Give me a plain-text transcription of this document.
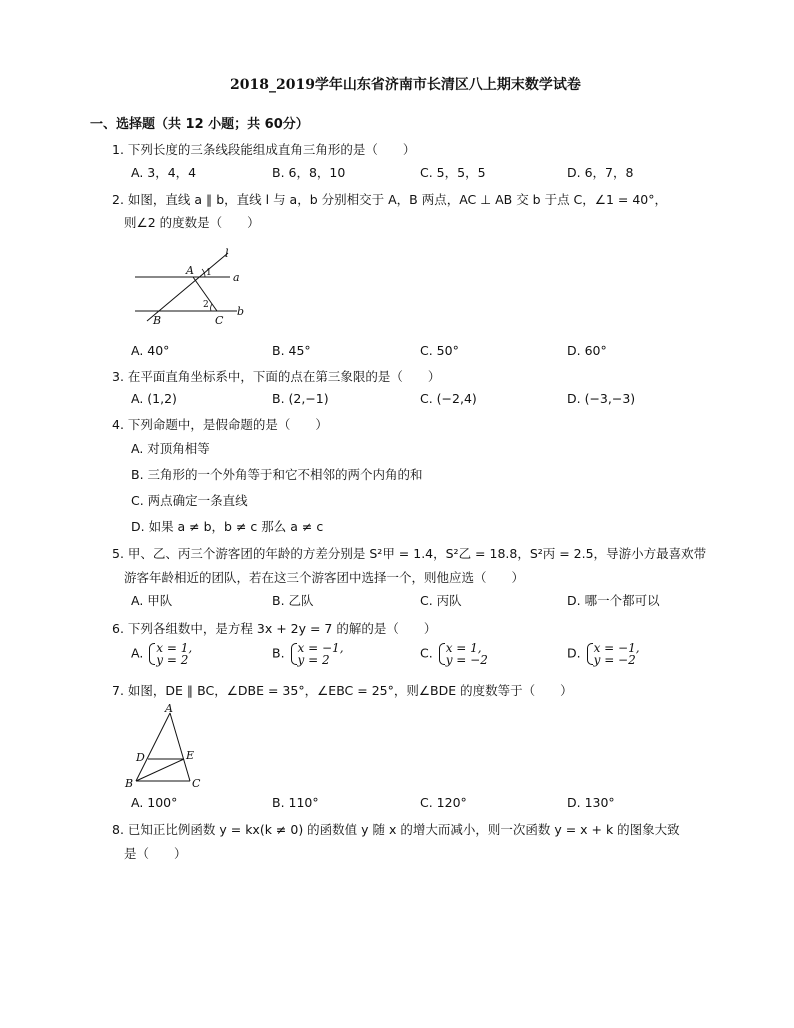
2018_2019学年山东省济南市长清区八上期末数学试卷
一、选择题（共 12 小题；共 60分）
1. 下列长度的三条线段能组成直角三角形的是（　　）
A. 3，4，4	B. 6，8，10	C. 5，5，5	D. 6，7，8
2. 如图，直线 a ∥ b，直线 l 与 a，b 分别相交于 A，B 两点，AC ⊥ AB 交 b 于点 C，∠1 = 40°，
则∠2 的度数是（　　）
l
a
b
A
B	C
1
2
A. 40°	B. 45°	C. 50°	D. 60°
3. 在平面直角坐标系中，下面的点在第三象限的是（　　）
A. (1,2)	B. (2,−1)	C. (−2,4)	D. (−3,−3)
4. 下列命题中，是假命题的是（　　）
A. 对顶角相等
B. 三角形的一个外角等于和它不相邻的两个内角的和
C. 两点确定一条直线
D. 如果 a ≠ b，b ≠ c 那么 a ≠ c
5. 甲、乙、丙三个游客团的年龄的方差分别是 S²甲 = 1.4，S²乙 = 18.8，S²丙 = 2.5，导游小方最喜欢带
游客年龄相近的团队，若在这三个游客团中选择一个，则他应选（　　）
A. 甲队	B. 乙队	C. 丙队	D. 哪一个都可以
6. 下列各组数中，是方程 3x + 2y = 7 的解的是（　　）
A. x = 1,
y = 2	B. x = −1,
y = 2	C. x = 1,
y = −2	D. x = −1,
y = −2
7. 如图，DE ∥ BC，∠DBE = 35°，∠EBC = 25°，则∠BDE 的度数等于（　　）
A
B	C
D	E
A. 100°	B. 110°	C. 120°	D. 130°
8. 已知正比例函数 y = kx(k ≠ 0) 的函数值 y 随 x 的增大而减小，则一次函数 y = x + k 的图象大致
是（　　）
